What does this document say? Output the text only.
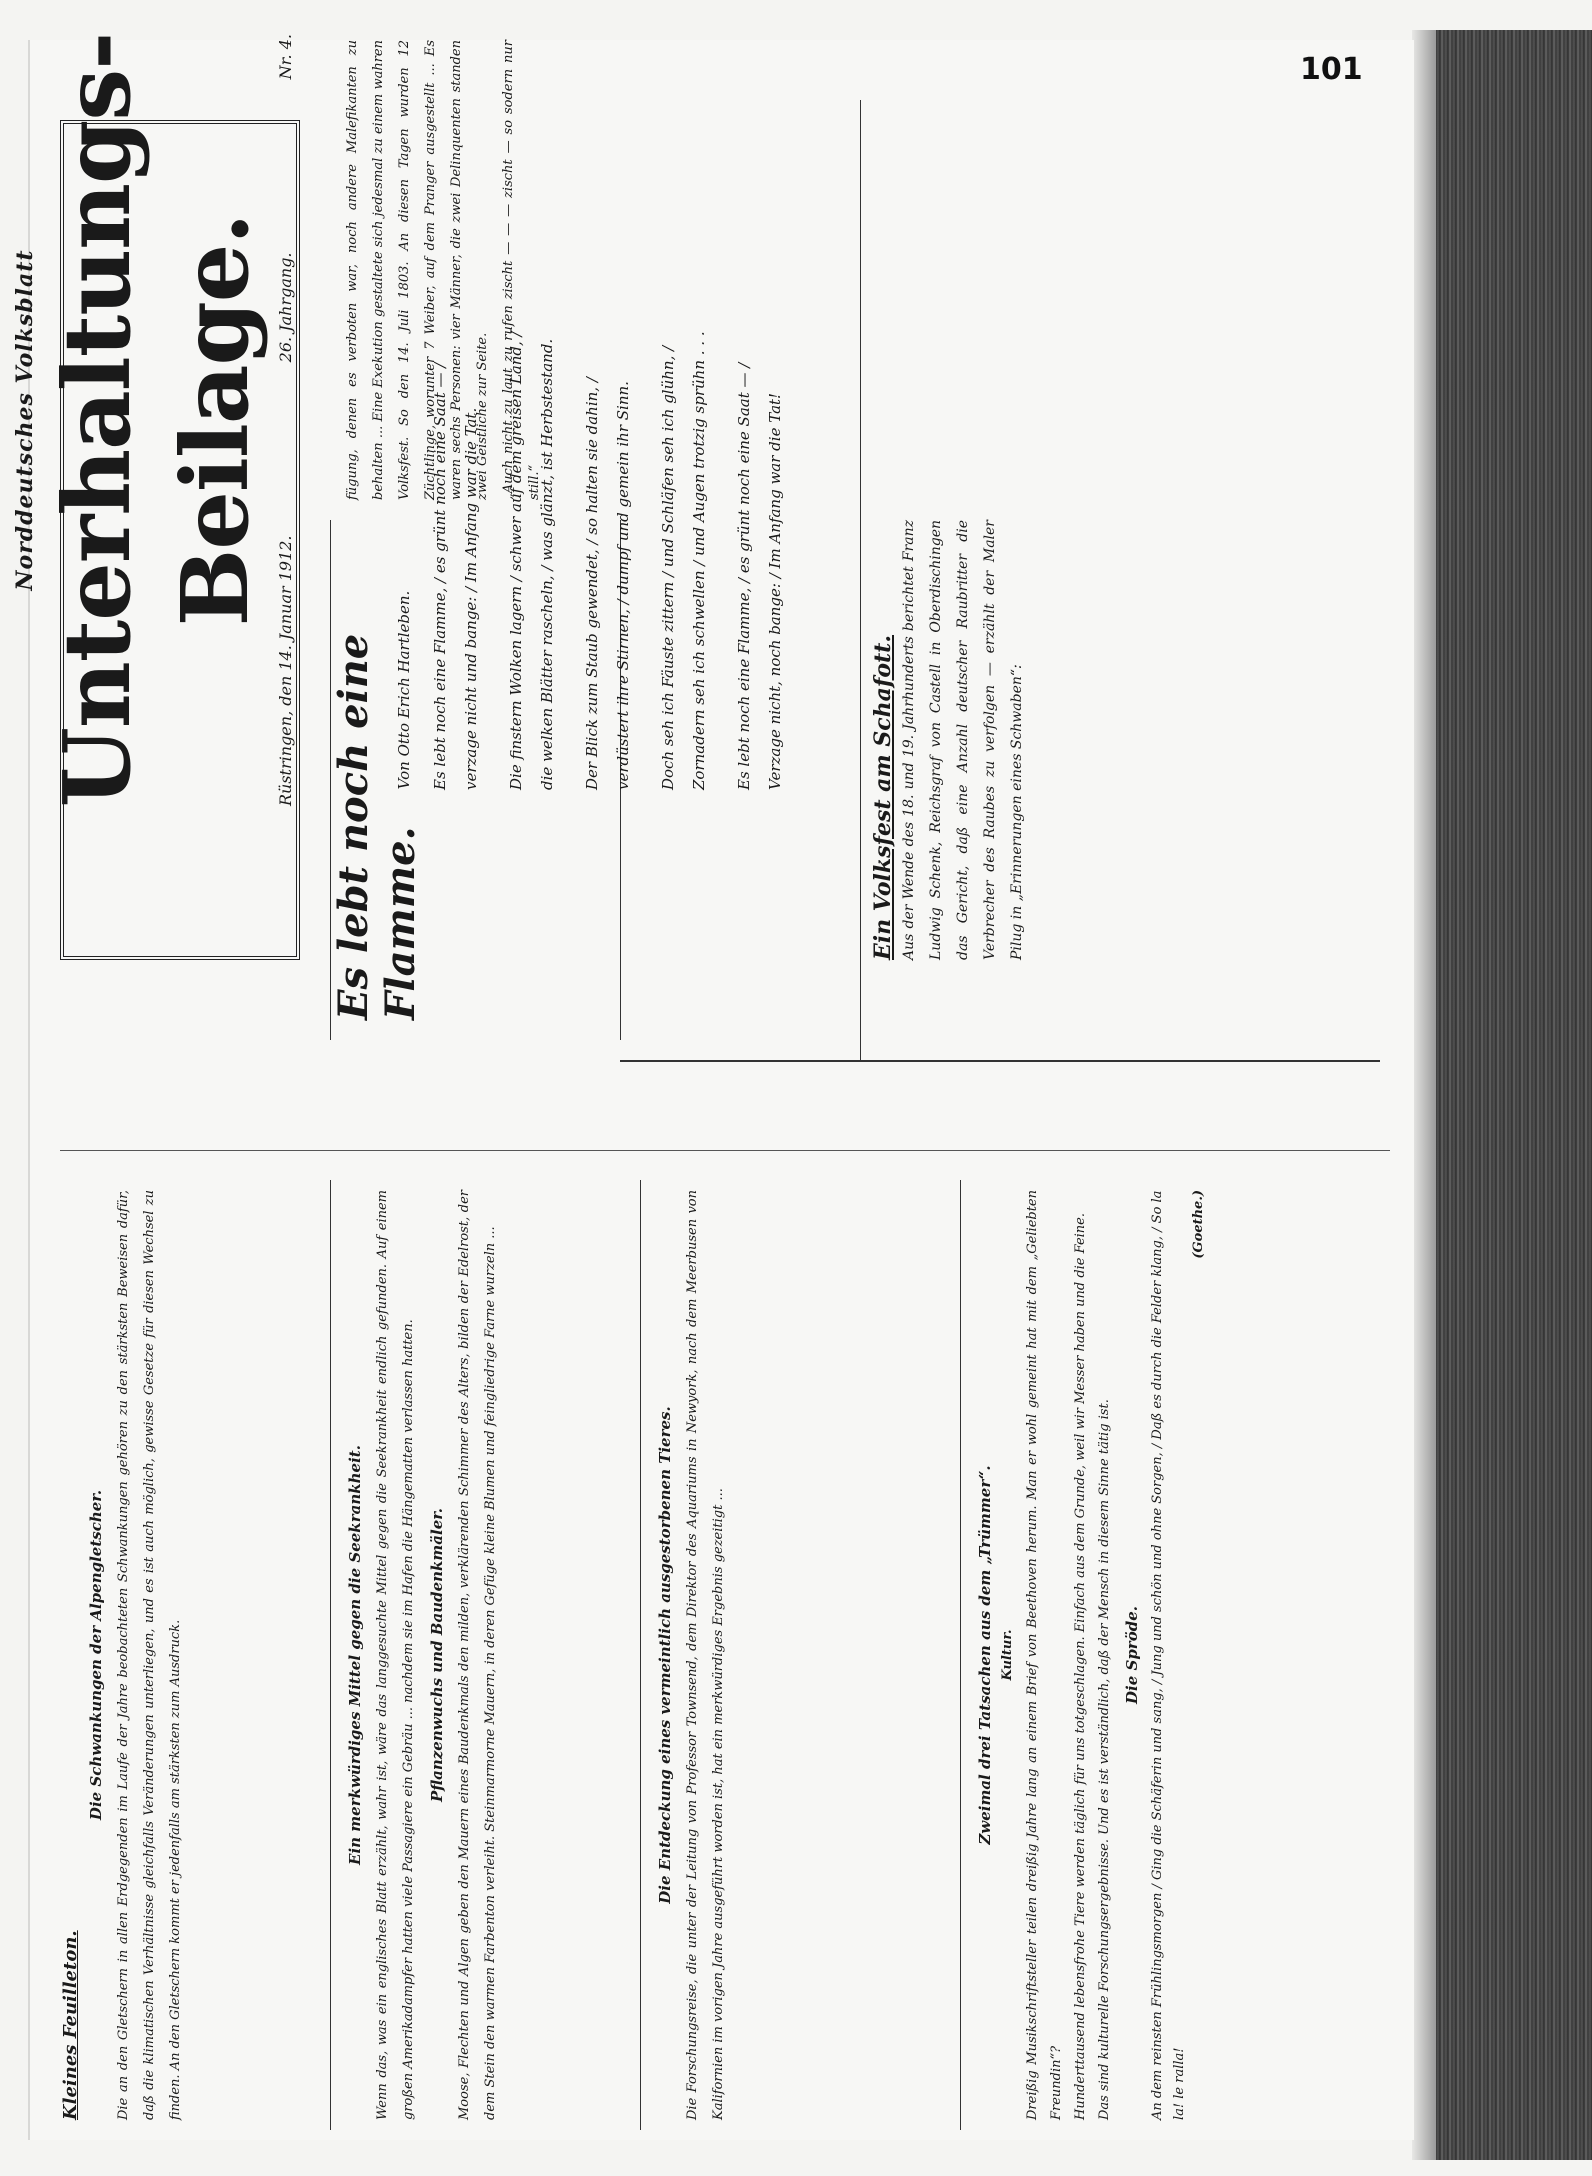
101
Norddeutsches Volksblatt Unterhaltungs-Beilage.
Rüstringen, den 14. Januar 1912.
26. Jahrgang.
Nr. 4.
Es lebt noch eine Flamme.
Von Otto Erich Hartleben.	Es lebt noch eine Flamme, / es grünt noch eine Saat — / verzage nicht und bange: / Im Anfang war die Tat.	Die finstern Wolken lagern / schwer auf dem greisen Land, / die welken Blätter rascheln, / was glänzt, ist Herbstestand.	Der Blick zum Staub gewendet, / so halten sie dahin, / verdüstert ihre Stirnen, / dumpf und gemein ihr Sinn.	Doch seh ich Fäuste zittern / und Schläfen seh ich glühn, / Zornadern seh ich schwellen / und Augen trotzig sprühn . . .	Es lebt noch eine Flamme, / es grünt noch eine Saat — / Verzage nicht, noch bange: / Im Anfang war die Tat!
Ein Volksfest am Schafott. Aus der Wende des 18. und 19. Jahrhunderts berichtet Franz Ludwig Schenk, Reichsgraf von Castell in Oberdischingen das Gericht, daß eine Anzahl deutscher Raubritter die Verbrecher des Raubes zu verfolgen — erzählt der Maler Pilug in „Erinnerungen eines Schwaben“:
fügung, denen es verboten war, noch andere Malefikanten zu behalten ... Eine Exekution gestaltete sich jedesmal zu einem wahren Volksfest. So den 14. Juli 1803. An diesen Tagen wurden 12 Züchtlinge, worunter 7 Weiber, auf dem Pranger ausgestellt ... Es waren sechs Personen: vier Männer, die zwei Delinquenten standen zwei Geistliche zur Seite. „Auch nicht zu laut zu rufen zischt — — — zischt — so sodern nur still.“
Kleines Feuilleton.
Die Schwankungen der Alpengletscher. Die an den Gletschern in allen Erdgegenden im Laufe der Jahre beobachteten Schwankungen gehören zu den stärksten Beweisen dafür, daß die klimatischen Verhältnisse gleichfalls Veränderungen unterliegen, und es ist auch möglich, gewisse Gesetze für diesen Wechsel zu finden. An den Gletschern kommt er jedenfalls am stärksten zum Ausdruck.	Ein merkwürdiges Mittel gegen die Seekrankheit. Wenn das, was ein englisches Blatt erzählt, wahr ist, wäre das langgesuchte Mittel gegen die Seekrankheit endlich gefunden. Auf einem großen Amerikadampfer hatten viele Passagiere ein Gebräu ... nachdem sie im Hafen die Hängematten verlassen hatten. Pflanzenwuchs und Baudenkmäler. Moose, Flechten und Algen geben den Mauern eines Baudenkmals den milden, verklärenden Schimmer des Alters, bilden der Edelrost, der dem Stein den warmen Farbenton verleiht. Steinmarmorne Mauern, in deren Gefüge kleine Blumen und feingliedrige Farne wurzeln ...	Die Entdeckung eines vermeintlich ausgestorbenen Tieres. Die Forschungsreise, die unter der Leitung von Professor Townsend, dem Direktor des Aquariums in Newyork, nach dem Meerbusen von Kalifornien im vorigen Jahre ausgeführt worden ist, hat ein merkwürdiges Ergebnis gezeitigt ...	Zweimal drei Tatsachen aus dem „Trümmer“. Kultur. Dreißig Musikschriftsteller teilen dreißig Jahre lang an einem Brief von Beethoven herum. Man er wohl gemeint hat mit dem „Geliebten Freundin“? Hunderttausend lebensfrohe Tiere werden täglich für uns totgeschlagen. Einfach aus dem Grunde, weil wir Messer haben und die Feine. Das sind kulturelle Forschungsergebnisse. Und es ist verständlich, daß der Mensch in diesem Sinne tätig ist. Die Spröde. An dem reinsten Frühlingsmorgen / Ging die Schäferin und sang, / Jung und schön und ohne Sorgen, / Daß es durch die Felder klang, / So la la! le ralla!
(Goethe.)
